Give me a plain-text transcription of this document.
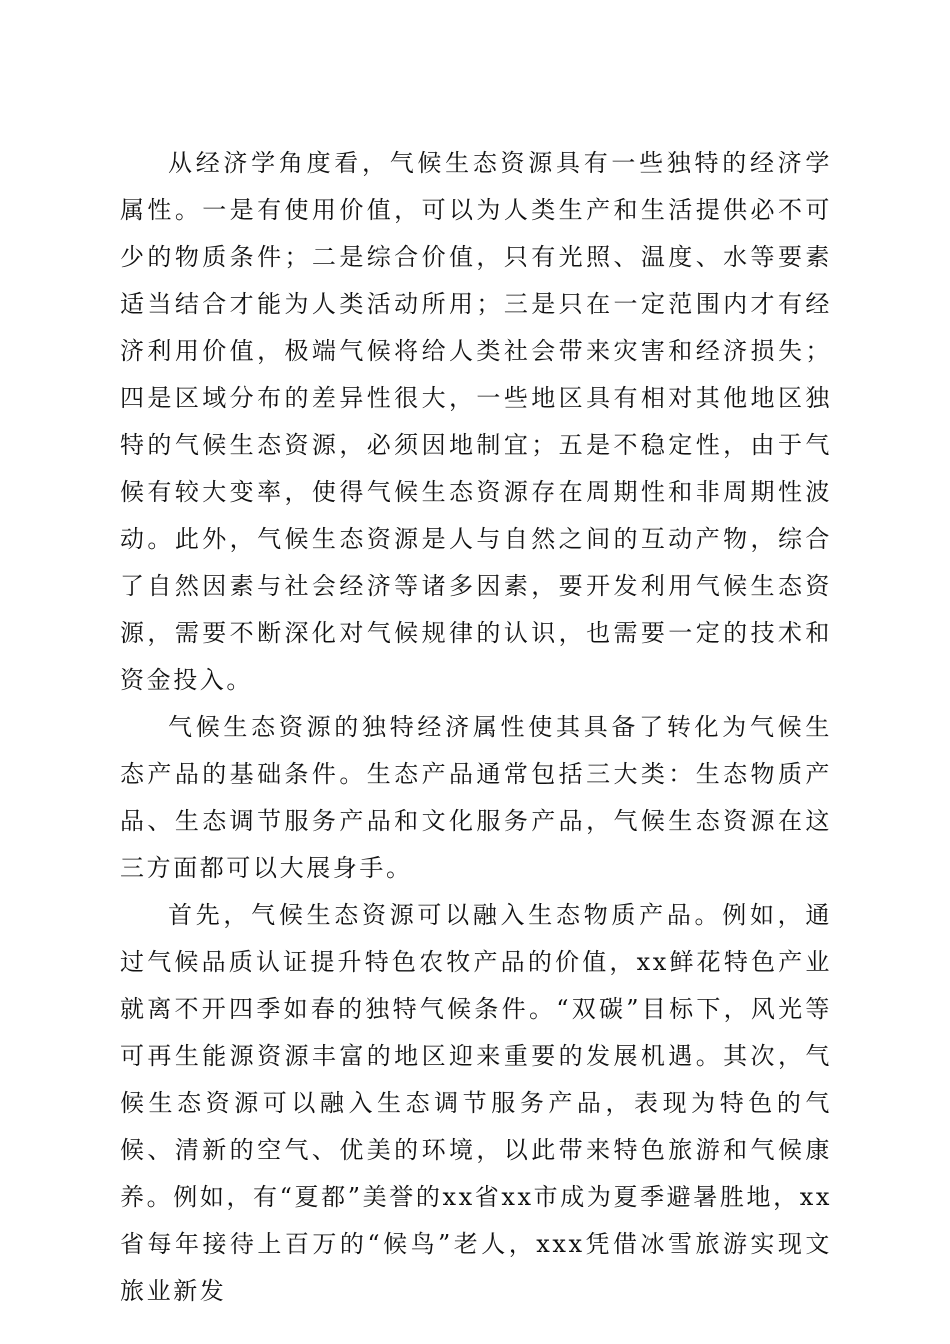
从经济学角度看，气候生态资源具有一些独特的经济学属性。一是有使用价值，可以为人类生产和生活提供必不可少的物质条件；二是综合价值，只有光照、温度、水等要素适当结合才能为人类活动所用；三是只在一定范围内才有经济利用价值，极端气候将给人类社会带来灾害和经济损失；四是区域分布的差异性很大，一些地区具有相对其他地区独特的气候生态资源，必须因地制宜；五是不稳定性，由于气候有较大变率，使得气候生态资源存在周期性和非周期性波动。此外，气候生态资源是人与自然之间的互动产物，综合了自然因素与社会经济等诸多因素，要开发利用气候生态资源，需要不断深化对气候规律的认识，也需要一定的技术和资金投入。

气候生态资源的独特经济属性使其具备了转化为气候生态产品的基础条件。生态产品通常包括三大类：生态物质产品、生态调节服务产品和文化服务产品，气候生态资源在这三方面都可以大展身手。

首先，气候生态资源可以融入生态物质产品。例如，通过气候品质认证提升特色农牧产品的价值，xx鲜花特色产业就离不开四季如春的独特气候条件。“双碳”目标下，风光等可再生能源资源丰富的地区迎来重要的发展机遇。其次，气候生态资源可以融入生态调节服务产品，表现为特色的气候、清新的空气、优美的环境，以此带来特色旅游和气候康养。例如，有“夏都”美誉的xx省xx市成为夏季避暑胜地，xx省每年接待上百万的“候鸟”老人，xxx凭借冰雪旅游实现文旅业新发
